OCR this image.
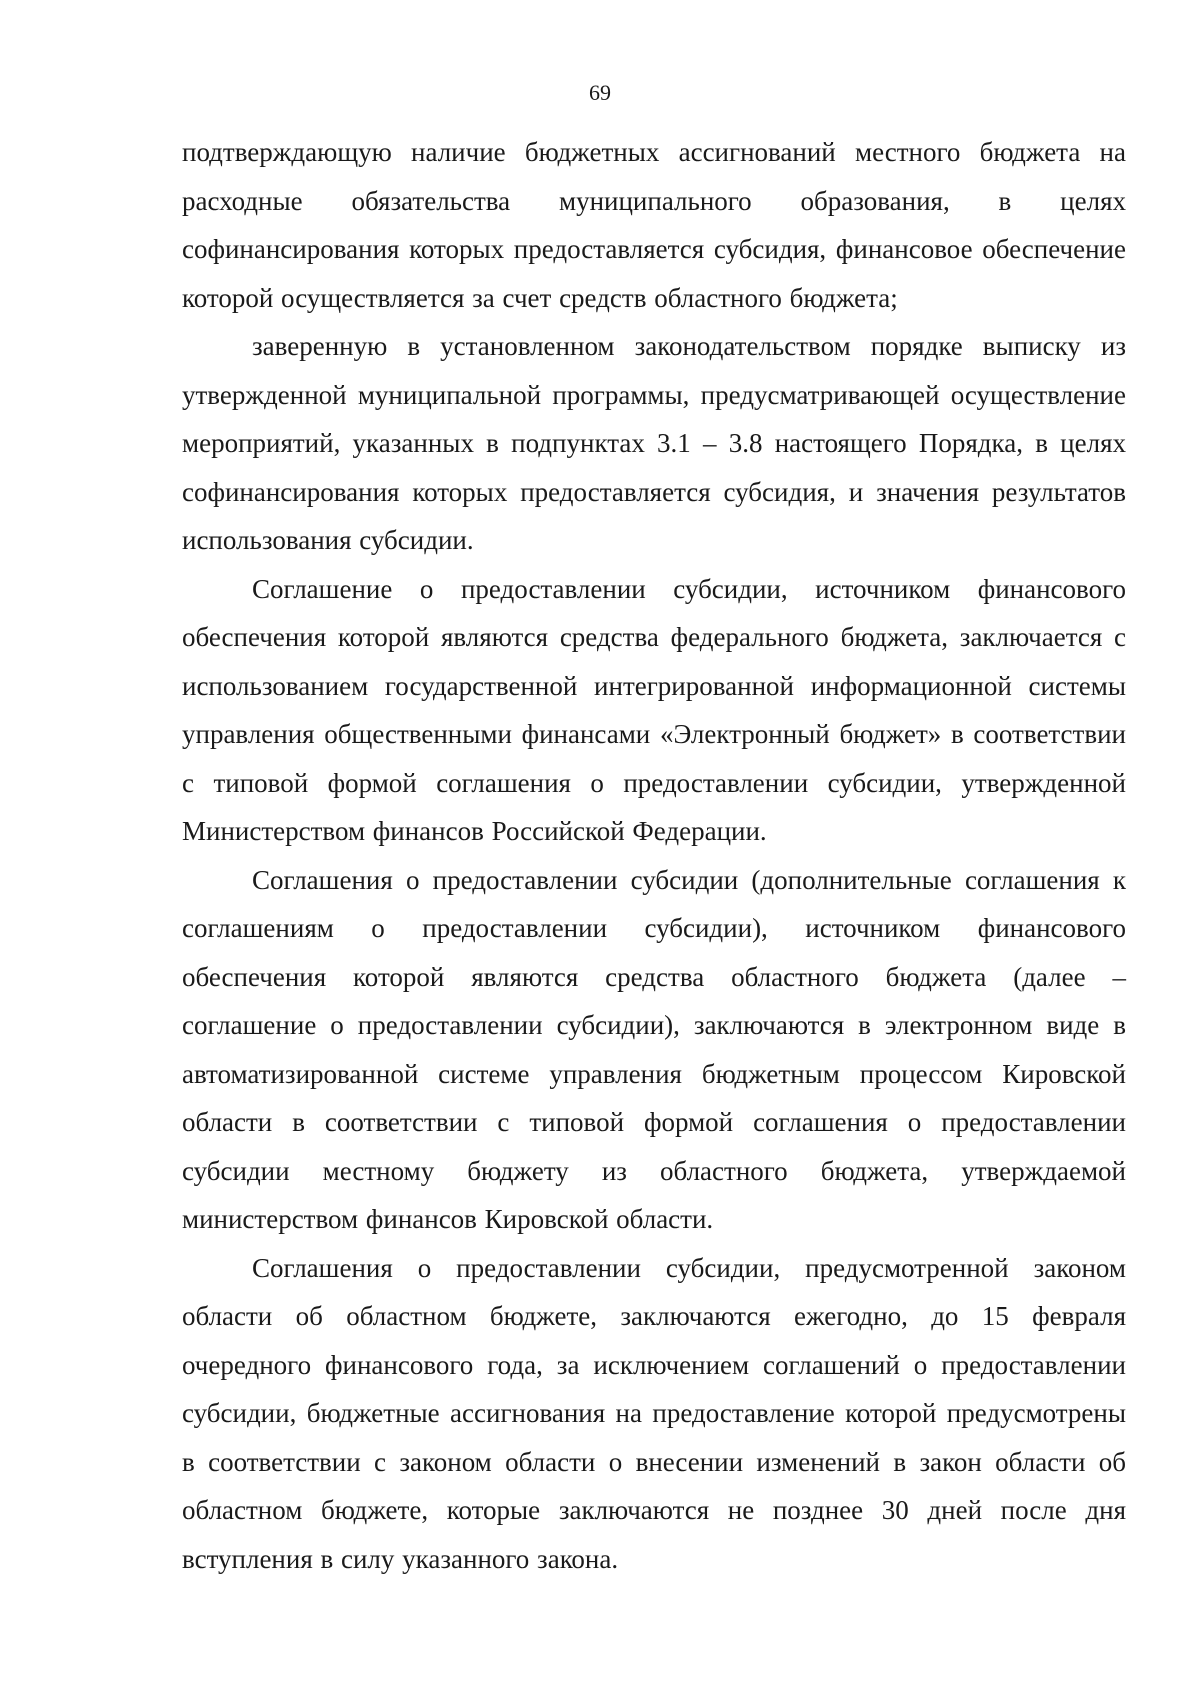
69

подтверждающую наличие бюджетных ассигнований местного бюджета на расходные обязательства муниципального образования, в целях софинансирования которых предоставляется субсидия, финансовое обеспечение которой осуществляется за счет средств областного бюджета;

заверенную в установленном законодательством порядке выписку из утвержденной муниципальной программы, предусматривающей осуществление мероприятий, указанных в подпунктах 3.1 – 3.8 настоящего Порядка, в целях софинансирования которых предоставляется субсидия, и значения результатов использования субсидии.

Соглашение о предоставлении субсидии, источником финансового обеспечения которой являются средства федерального бюджета, заключается с использованием государственной интегрированной информационной системы управления общественными финансами «Электронный бюджет» в соответствии с типовой формой соглашения о предоставлении субсидии, утвержденной Министерством финансов Российской Федерации.

Соглашения о предоставлении субсидии (дополнительные соглашения к соглашениям о предоставлении субсидии), источником финансового обеспечения которой являются средства областного бюджета (далее – соглашение о предоставлении субсидии), заключаются в электронном виде в автоматизированной системе управления бюджетным процессом Кировской области в соответствии с типовой формой соглашения о предоставлении субсидии местному бюджету из областного бюджета, утверждаемой министерством финансов Кировской области.

Соглашения о предоставлении субсидии, предусмотренной законом области об областном бюджете, заключаются ежегодно, до 15 февраля очередного финансового года, за исключением соглашений о предоставлении субсидии, бюджетные ассигнования на предоставление которой предусмотрены в соответствии с законом области о внесении изменений в закон области об областном бюджете, которые заключаются не позднее 30 дней после дня вступления в силу указанного закона.
